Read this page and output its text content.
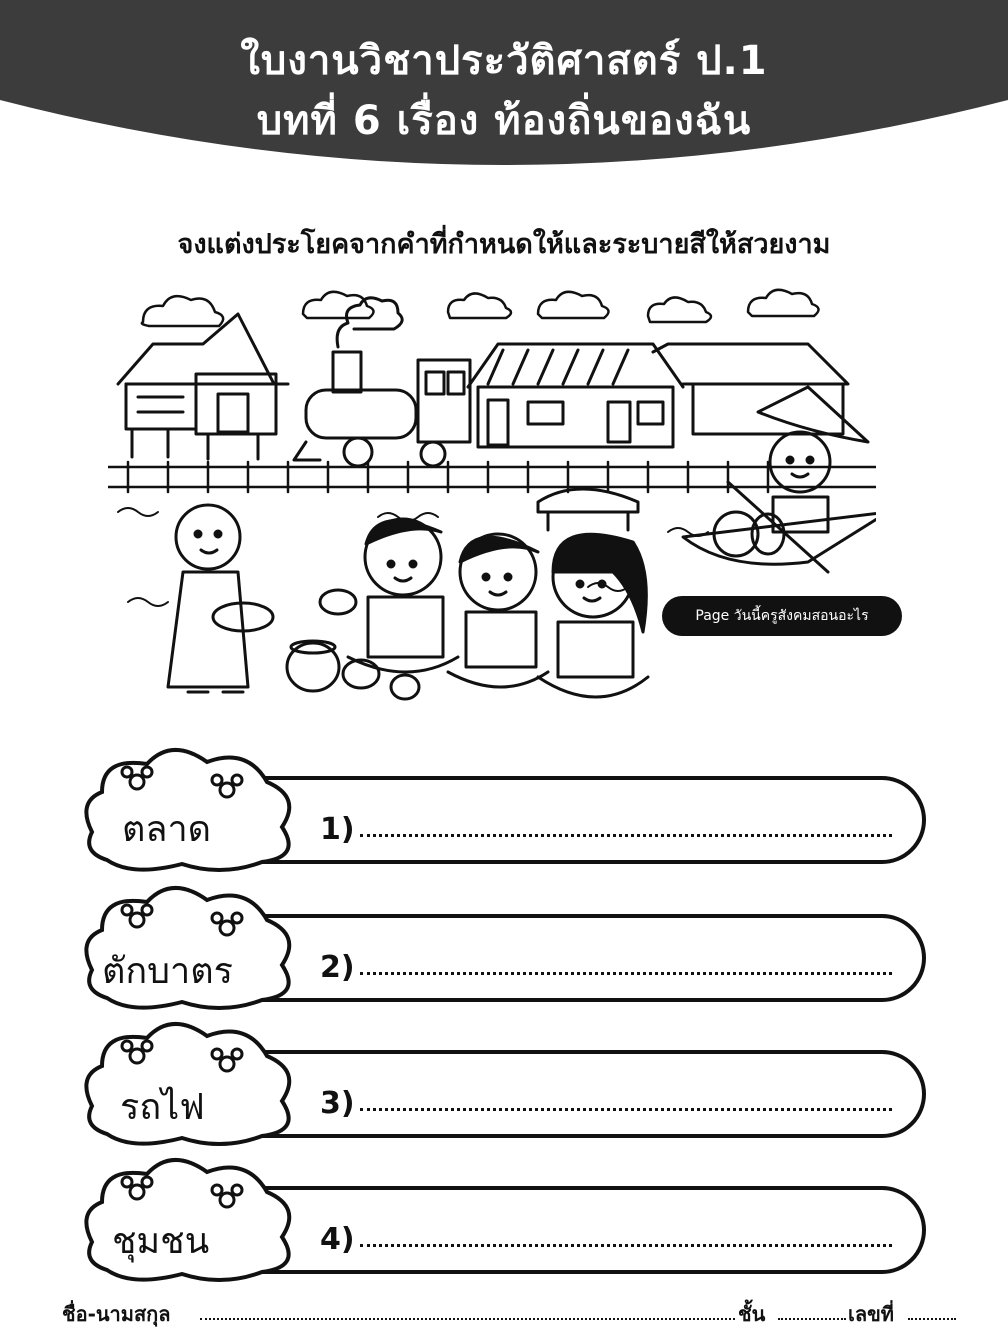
ใบงานวิชาประวัติศาสตร์ ป.1
บทที่ 6 เรื่อง ท้องถิ่นของฉัน
จงแต่งประโยคจากคำที่กำหนดให้และระบายสีให้สวยงาม
Page วันนี้ครูสังคมสอนอะไร
ตลาด	1)
ตักบาตร	2)
รถไฟ	3)
ชุมชน	4)
ชื่อ-นามสกุล	ชั้น	เลขที่
